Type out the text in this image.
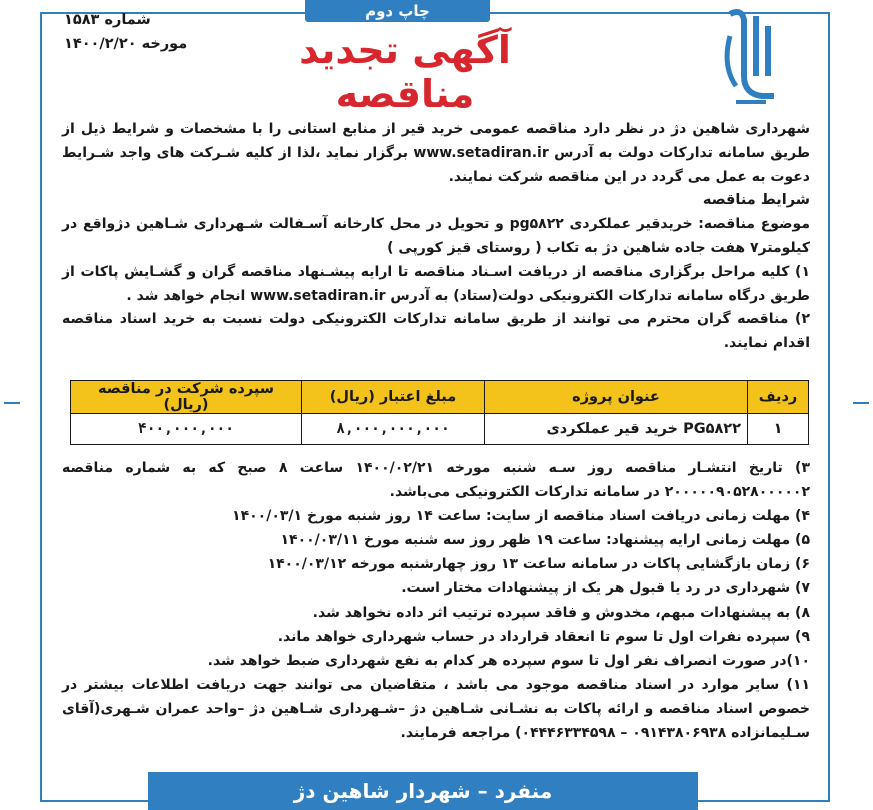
چاپ دوم
آگهی تجدید مناقصه
شماره ۱۵۸۳
مورخه ۱۴۰۰/۲/۲۰

شهرداری شاهین دژ در نظر دارد مناقصه عمومی خرید قیر از منابع استانی را با مشخصات و شرایط ذیل از طریق سامانه تدارکات دولت به آدرس www.setadiran.ir برگزار نماید ،لذا از کلیه شـرکت های واجد شـرایط دعوت به عمل می گردد در این مناقصه شرکت نمایند.

شرایط مناقصه

موضوع مناقصه: خریدقیر عملکردی pg۵۸۲۲ و تحویل در محل کارخانه آسـفالت شـهرداری شـاهین دژواقع در کیلومتر۷ هفت جاده شاهین دژ به تکاب ( روستای قیز کورپی )

۱) کلیه مراحل برگزاری مناقصه از دریافت اسـناد مناقصه تا ارایه پیشـنهاد مناقصه گران و گشـایش پاکات از طریق درگاه سامانه تدارکات الکترونیکی دولت(ستاد) به آدرس www.setadiran.ir انجام خواهد شد .

۲) مناقصه گران محترم می توانند از طریق سامانه تدارکات الکترونیکی دولت نسبت به خرید اسناد مناقصه اقدام نمایند.

ردیف	عنوان پروژه	مبلغ اعتبار (ریال)	سپرده شرکت در مناقصه (ریال)
۱	PG۵۸۲۲ خرید قیر عملکردی	۸,۰۰۰,۰۰۰,۰۰۰	۴۰۰,۰۰۰,۰۰۰

۳) تاریخ انتشـار مناقصه روز سـه شنبه مورخه ۱۴۰۰/۰۲/۲۱ ساعت ۸ صبح که به شماره مناقصه ۲۰۰۰۰۰۹۰۵۲۸۰۰۰۰۰۲ در سامانه تدارکات الکترونیکی می‌باشد.

۴) مهلت زمانی دریافت اسناد مناقصه از سایت: ساعت ۱۴ روز شنبه مورخ ۱۴۰۰/۰۳/۱

۵) مهلت زمانی ارایه پیشنهاد: ساعت ۱۹ ظهر روز سه شنبه مورخ ۱۴۰۰/۰۳/۱۱

۶) زمان بازگشایی پاکات در سامانه ساعت ۱۳ روز چهارشنبه مورخه ۱۴۰۰/۰۳/۱۲

۷) شهرداری در رد یا قبول هر یک از پیشنهادات مختار است.

۸) به پیشنهادات مبهم، مخدوش و فاقد سپرده ترتیب اثر داده نخواهد شد.

۹) سپرده نفرات اول تا سوم تا انعقاد قرارداد در حساب شهرداری خواهد ماند.

۱۰)در صورت انصراف نفر اول تا سوم سپرده هر کدام به نفع شهرداری ضبط خواهد شد.

۱۱) سایر موارد در اسناد مناقصه موجود می باشد ، متقاضیان می توانند جهت دریافت اطلاعات بیشتر در خصوص اسناد مناقصه و ارائه پاکات به نشـانی شـاهین دژ –شـهرداری شـاهین دژ –واحد عمران شـهری(آقای سـلیمانزاده ۰۹۱۴۳۸۰۶۹۳۸ – ۰۴۴۴۶۳۳۴۵۹۸) مراجعه فرمایند.

منفرد – شهردار شاهین دژ
